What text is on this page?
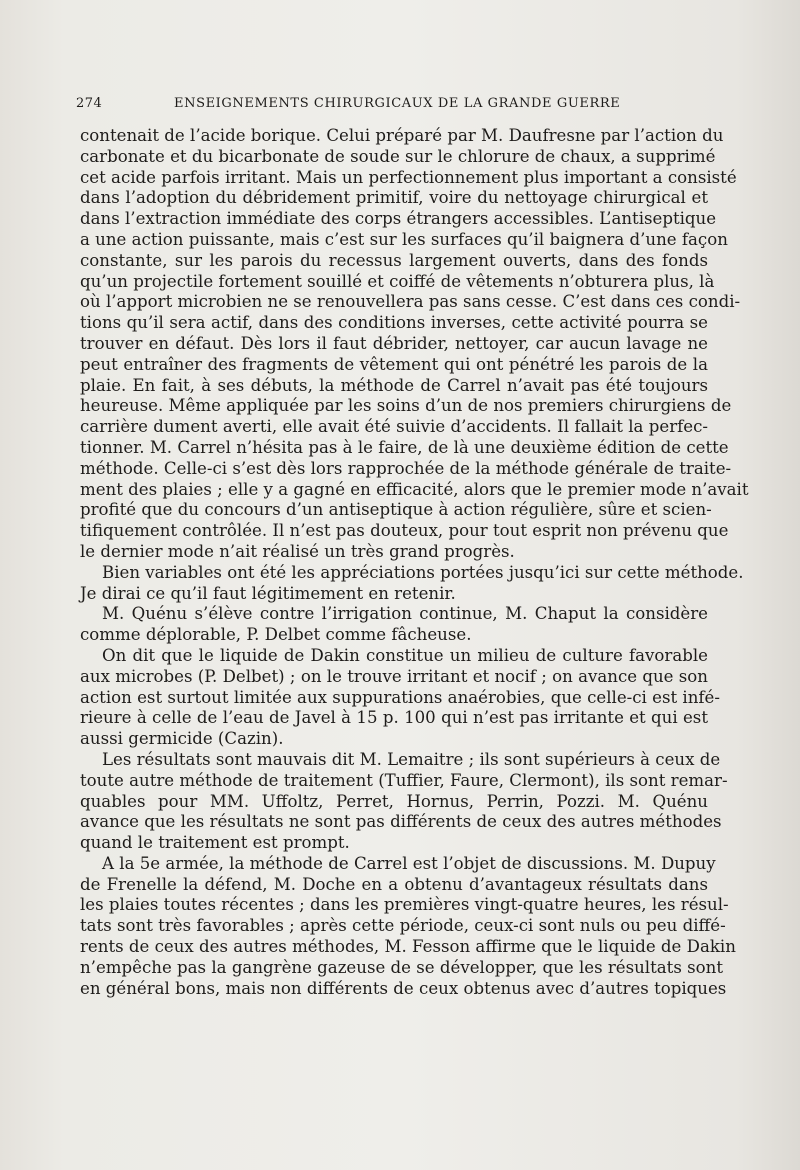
274	ENSEIGNEMENTS CHIRURGICAUX DE LA GRANDE GUERRE
contenait de l’acide borique. Celui préparé par M. Daufresne par l’action du
carbonate et du bicarbonate de soude sur le chlorure de chaux, a supprimé
cet acide parfois irritant. Mais un perfectionnement plus important a consisté
dans l’adoption du débridement primitif, voire du nettoyage chirurgical et
dans l’extraction immédiate des corps étrangers accessibles. L’antiseptique
a une action puissante, mais c’est sur les surfaces qu’il baignera d’une façon
constante, sur les parois du recessus largement ouverts, dans des fonds
qu’un projectile fortement souillé et coiffé de vêtements n’obturera plus, là
où l’apport microbien ne se renouvellera pas sans cesse. C’est dans ces condi-
tions qu’il sera actif, dans des conditions inverses, cette activité pourra se
trouver en défaut. Dès lors il faut débrider, nettoyer, car aucun lavage ne
peut entraîner des fragments de vêtement qui ont pénétré les parois de la
plaie. En fait, à ses débuts, la méthode de Carrel n’avait pas été toujours
heureuse. Même appliquée par les soins d’un de nos premiers chirurgiens de
carrière dument averti, elle avait été suivie d’accidents. Il fallait la perfec-
tionner. M. Carrel n’hésita pas à le faire, de là une deuxième édition de cette
méthode. Celle-ci s’est dès lors rapprochée de la méthode générale de traite-
ment des plaies ; elle y a gagné en efficacité, alors que le premier mode n’avait
profité que du concours d’un antiseptique à action régulière, sûre et scien-
tifiquement contrôlée. Il n’est pas douteux, pour tout esprit non prévenu que
le dernier mode n’ait réalisé un très grand progrès.
Bien variables ont été les appréciations portées jusqu’ici sur cette méthode.
Je dirai ce qu’il faut légitimement en retenir.
M. Quénu s’élève contre l’irrigation continue, M. Chaput la considère
comme déplorable, P. Delbet comme fâcheuse.
On dit que le liquide de Dakin constitue un milieu de culture favorable
aux microbes (P. Delbet) ; on le trouve irritant et nocif ; on avance que son
action est surtout limitée aux suppurations anaérobies, que celle-ci est infé-
rieure à celle de l’eau de Javel à 15 p. 100 qui n’est pas irritante et qui est
aussi germicide (Cazin).
Les résultats sont mauvais dit M. Lemaitre ; ils sont supérieurs à ceux de
toute autre méthode de traitement (Tuffier, Faure, Clermont), ils sont remar-
quables pour MM. Uffoltz, Perret, Hornus, Perrin, Pozzi. M. Quénu
avance que les résultats ne sont pas différents de ceux des autres méthodes
quand le traitement est prompt.
A la 5e armée, la méthode de Carrel est l’objet de discussions. M. Dupuy
de Frenelle la défend, M. Doche en a obtenu d’avantageux résultats dans
les plaies toutes récentes ; dans les premières vingt-quatre heures, les résul-
tats sont très favorables ; après cette période, ceux-ci sont nuls ou peu diffé-
rents de ceux des autres méthodes, M. Fesson affirme que le liquide de Dakin
n’empêche pas la gangrène gazeuse de se développer, que les résultats sont
en général bons, mais non différents de ceux obtenus avec d’autres topiques
